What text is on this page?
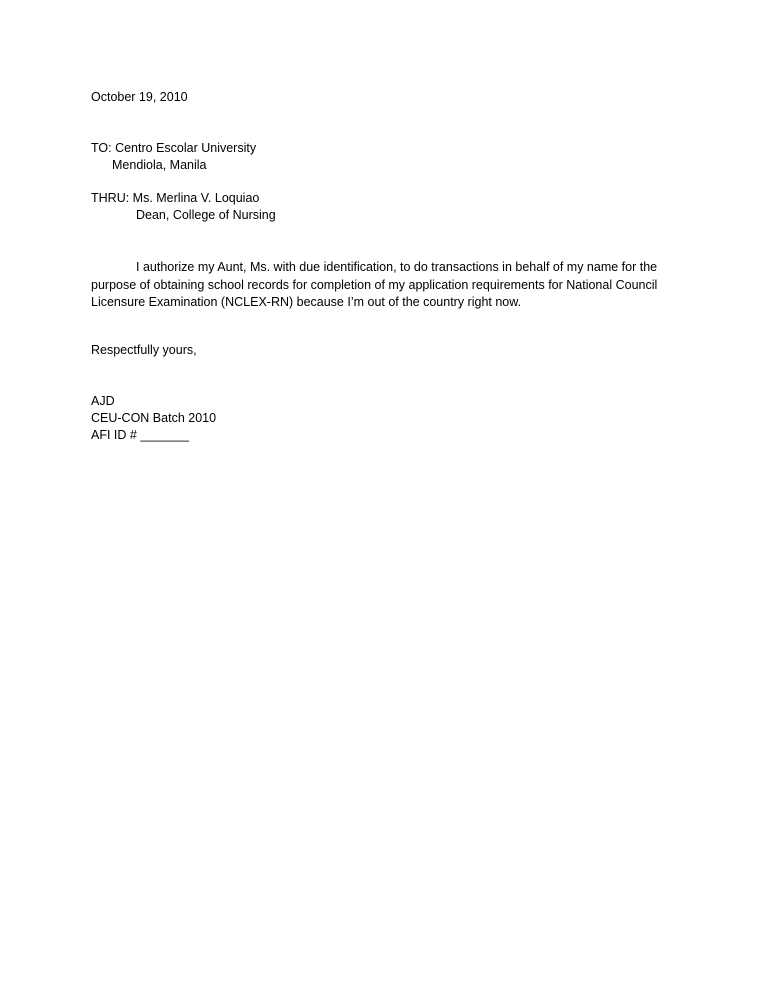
October 19, 2010
TO: Centro Escolar University
Mendiola, Manila
THRU: Ms. Merlina V. Loquiao
Dean, College of Nursing
I authorize my Aunt, Ms. with due identification, to do transactions in behalf of my name for the
purpose of obtaining school records for completion of my application requirements for National Council
Licensure Examination (NCLEX-RN) because I’m out of the country right now.
Respectfully yours,
AJD
CEU-CON Batch 2010
AFI ID # _______
